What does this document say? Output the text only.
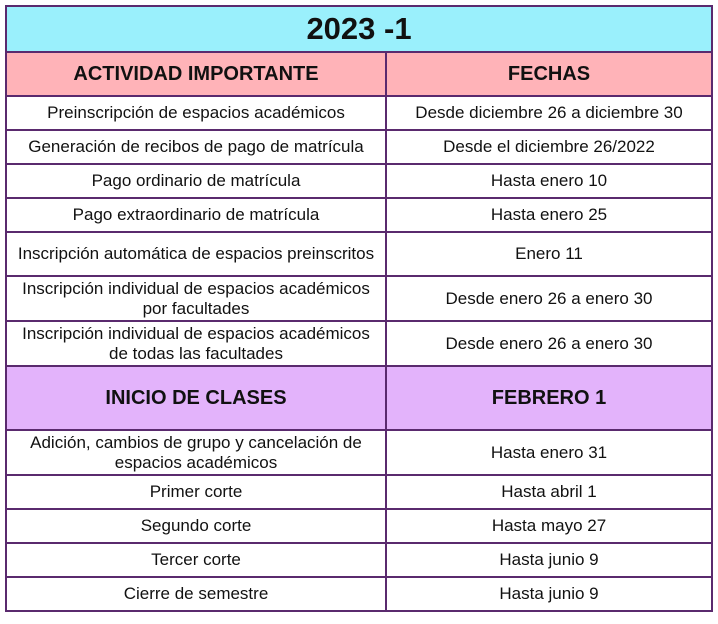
2023 -1	
ACTIVIDAD IMPORTANTE	FECHAS
Preinscripción de espacios académicos	Desde diciembre 26 a diciembre 30
Generación de recibos de pago de matrícula	Desde el diciembre 26/2022
Pago ordinario de matrícula	Hasta enero 10
Pago extraordinario de matrícula	Hasta enero 25
Inscripción automática de espacios preinscritos	Enero 11
Inscripción individual de espacios académicos por facultades	Desde enero 26 a enero 30
Inscripción individual de espacios académicos de todas las facultades	Desde enero 26 a enero 30
INICIO DE CLASES	FEBRERO 1
Adición, cambios de grupo y cancelación de espacios académicos	Hasta enero 31
Primer corte	Hasta abril 1
Segundo corte	Hasta mayo 27
Tercer corte	Hasta junio 9
Cierre de semestre	Hasta junio 9
